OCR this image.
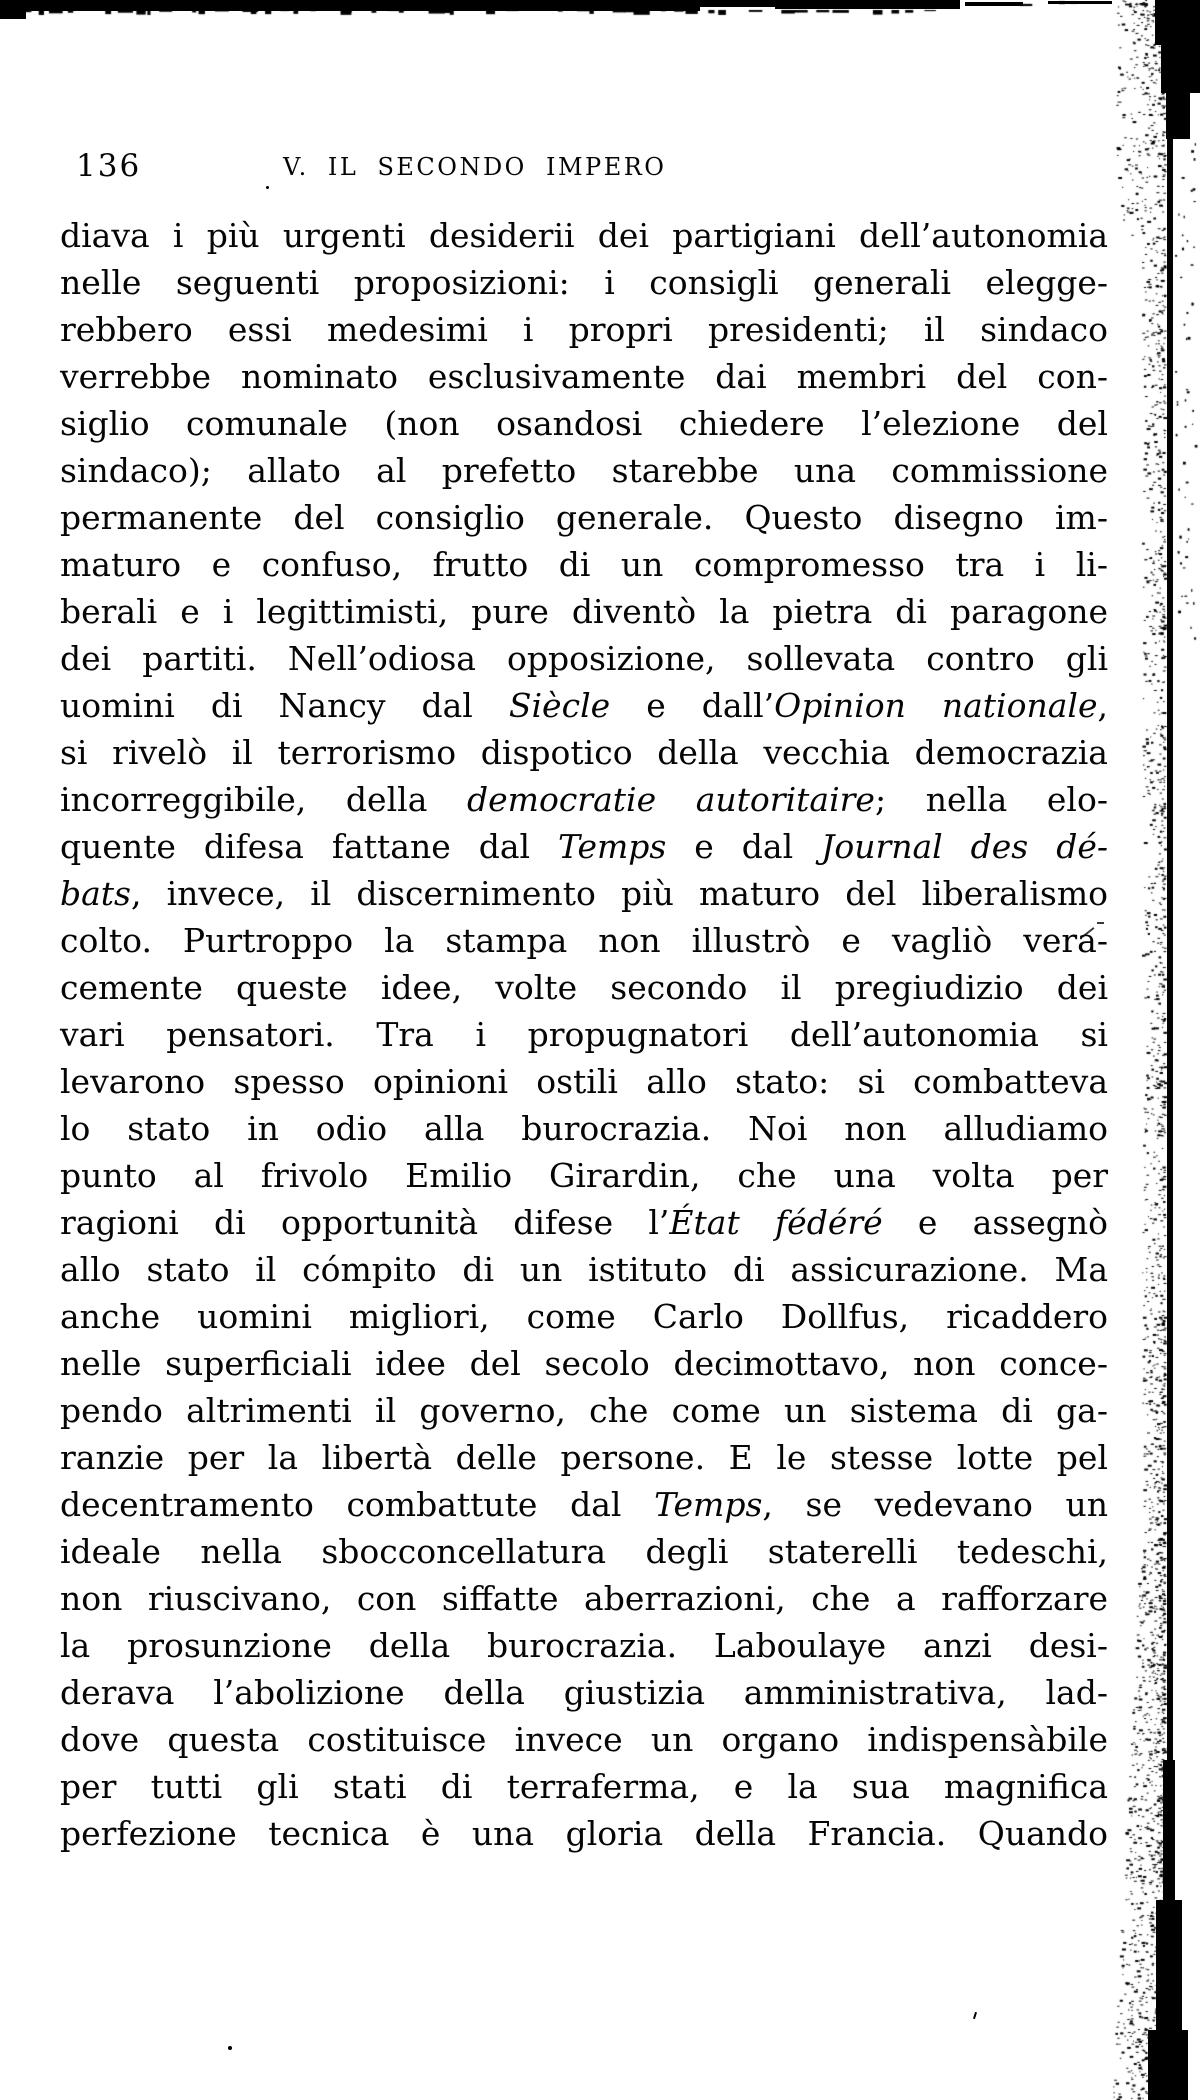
136	V. IL SECONDO IMPERO
diava i più urgenti desiderii dei partigiani dell’autonomia
nelle seguenti proposizioni: i consigli generali elegge-
rebbero essi medesimi i propri presidenti; il sindaco
verrebbe nominato esclusivamente dai membri del con-
siglio comunale (non osandosi chiedere l’elezione del
sindaco); allato al prefetto starebbe una commissione
permanente del consiglio generale. Questo disegno im-
maturo e confuso, frutto di un compromesso tra i li-
berali e i legittimisti, pure diventò la pietra di paragone
dei partiti. Nell’odiosa opposizione, sollevata contro gli
uomini di Nancy dal Siècle e dall’Opinion nationale,
si rivelò il terrorismo dispotico della vecchia democrazia
incorreggibile, della democratie autoritaire; nella elo-
quente difesa fattane dal Temps e dal Journal des dé-
bats, invece, il discernimento più maturo del liberalismo
colto. Purtroppo la stampa non illustrò e vagliò vera-
cemente queste idee, volte secondo il pregiudizio dei
vari pensatori. Tra i propugnatori dell’autonomia si
levarono spesso opinioni ostili allo stato: si combatteva
lo stato in odio alla burocrazia. Noi non alludiamo
punto al frivolo Emilio Girardin, che una volta per
ragioni di opportunità difese l’État fédéré e assegnò
allo stato il cómpito di un istituto di assicurazione. Ma
anche uomini migliori, come Carlo Dollfus, ricaddero
nelle superficiali idee del secolo decimottavo, non conce-
pendo altrimenti il governo, che come un sistema di ga-
ranzie per la libertà delle persone. E le stesse lotte pel
decentramento combattute dal Temps, se vedevano un
ideale nella sbocconcellatura degli staterelli tedeschi,
non riuscivano, con siffatte aberrazioni, che a rafforzare
la prosunzione della burocrazia. Laboulaye anzi desi-
derava l’abolizione della giustizia amministrativa, lad-
dove questa costituisce invece un organo indispensàbile
per tutti gli stati di terraferma, e la sua magnifica
perfezione tecnica è una gloria della Francia. Quando
